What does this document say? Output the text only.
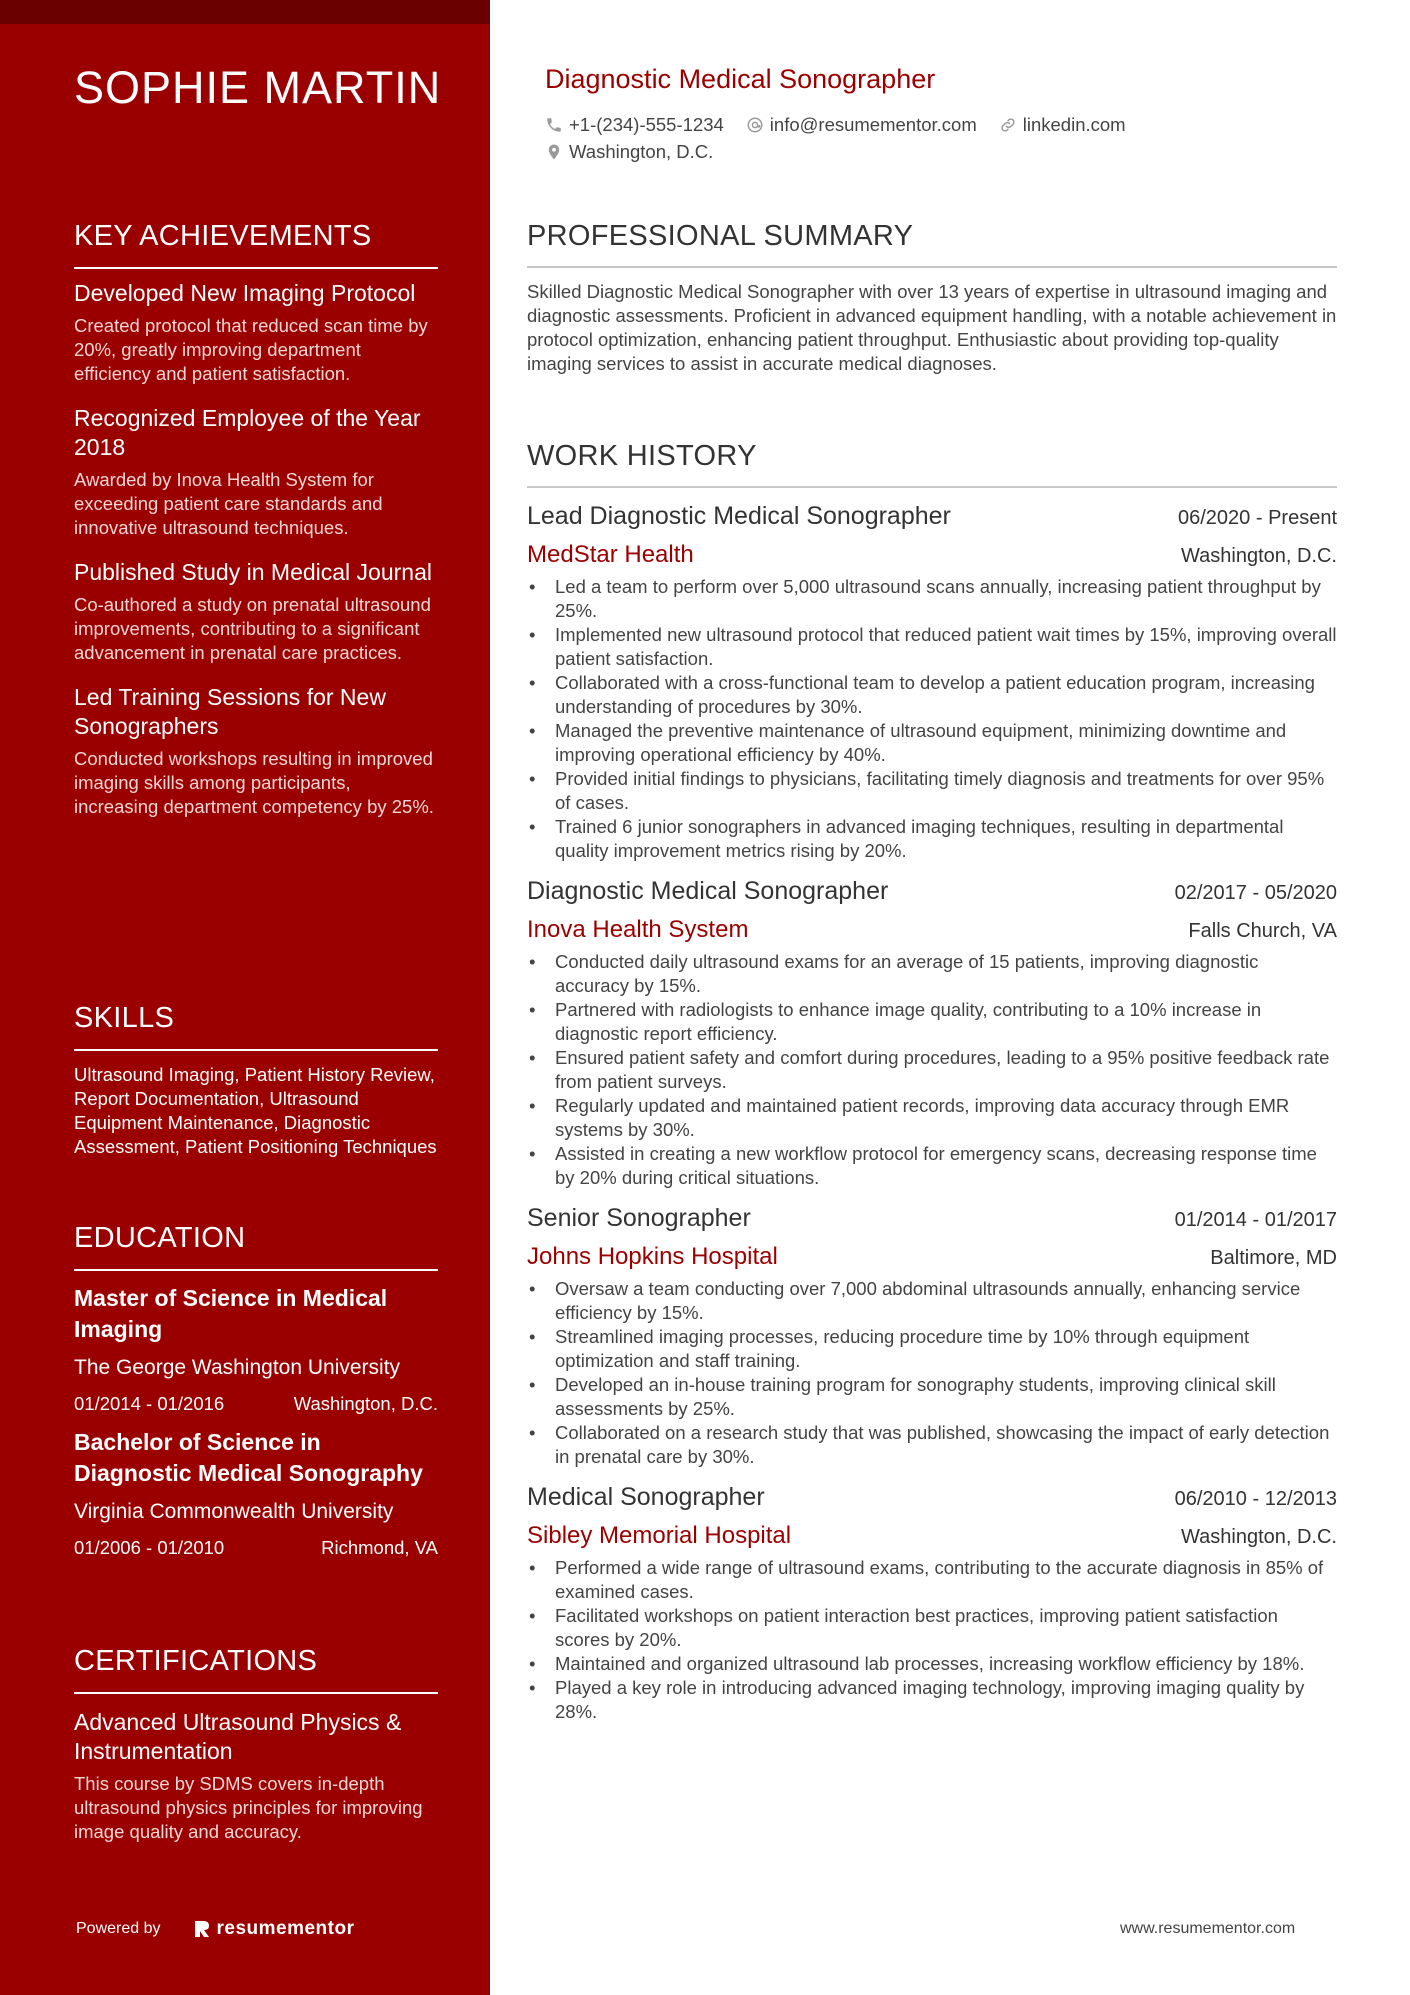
SOPHIE MARTIN
KEY ACHIEVEMENTS
Developed New Imaging Protocol
Created protocol that reduced scan time by 20%, greatly improving department efficiency and patient satisfaction.
Recognized Employee of the Year 2018
Awarded by Inova Health System for exceeding patient care standards and innovative ultrasound techniques.
Published Study in Medical Journal
Co-authored a study on prenatal ultrasound improvements, contributing to a significant advancement in prenatal care practices.
Led Training Sessions for New Sonographers
Conducted workshops resulting in improved imaging skills among participants, increasing department competency by 25%.
SKILLS
Ultrasound Imaging, Patient History Review, Report Documentation, Ultrasound Equipment Maintenance, Diagnostic Assessment, Patient Positioning Techniques
EDUCATION
Master of Science in Medical Imaging
The George Washington University
01/2014 - 01/2016	Washington, D.C.
Bachelor of Science in Diagnostic Medical Sonography
Virginia Commonwealth University
01/2006 - 01/2010	Richmond, VA
CERTIFICATIONS
Advanced Ultrasound Physics & Instrumentation
This course by SDMS covers in-depth ultrasound physics principles for improving image quality and accuracy.
Powered by	resumementor
Diagnostic Medical Sonographer
+1-(234)-555-1234 info@resumementor.com linkedin.com
Washington, D.C.
PROFESSIONAL SUMMARY
Skilled Diagnostic Medical Sonographer with over 13 years of expertise in ultrasound imaging and diagnostic assessments. Proficient in advanced equipment handling, with a notable achievement in protocol optimization, enhancing patient throughput. Enthusiastic about providing top-quality imaging services to assist in accurate medical diagnoses.
WORK HISTORY
Lead Diagnostic Medical Sonographer	06/2020 - Present
MedStar Health	Washington, D.C.
• Led a team to perform over 5,000 ultrasound scans annually, increasing patient throughput by 25%.
• Implemented new ultrasound protocol that reduced patient wait times by 15%, improving overall patient satisfaction.
• Collaborated with a cross-functional team to develop a patient education program, increasing understanding of procedures by 30%.
• Managed the preventive maintenance of ultrasound equipment, minimizing downtime and improving operational efficiency by 40%.
• Provided initial findings to physicians, facilitating timely diagnosis and treatments for over 95% of cases.
• Trained 6 junior sonographers in advanced imaging techniques, resulting in departmental quality improvement metrics rising by 20%.
Diagnostic Medical Sonographer	02/2017 - 05/2020
Inova Health System	Falls Church, VA
• Conducted daily ultrasound exams for an average of 15 patients, improving diagnostic accuracy by 15%.
• Partnered with radiologists to enhance image quality, contributing to a 10% increase in diagnostic report efficiency.
• Ensured patient safety and comfort during procedures, leading to a 95% positive feedback rate from patient surveys.
• Regularly updated and maintained patient records, improving data accuracy through EMR systems by 30%.
• Assisted in creating a new workflow protocol for emergency scans, decreasing response time by 20% during critical situations.
Senior Sonographer	01/2014 - 01/2017
Johns Hopkins Hospital	Baltimore, MD
• Oversaw a team conducting over 7,000 abdominal ultrasounds annually, enhancing service efficiency by 15%.
• Streamlined imaging processes, reducing procedure time by 10% through equipment optimization and staff training.
• Developed an in-house training program for sonography students, improving clinical skill assessments by 25%.
• Collaborated on a research study that was published, showcasing the impact of early detection in prenatal care by 30%.
Medical Sonographer	06/2010 - 12/2013
Sibley Memorial Hospital	Washington, D.C.
• Performed a wide range of ultrasound exams, contributing to the accurate diagnosis in 85% of examined cases.
• Facilitated workshops on patient interaction best practices, improving patient satisfaction scores by 20%.
• Maintained and organized ultrasound lab processes, increasing workflow efficiency by 18%.
• Played a key role in introducing advanced imaging technology, improving imaging quality by 28%.
www.resumementor.com
